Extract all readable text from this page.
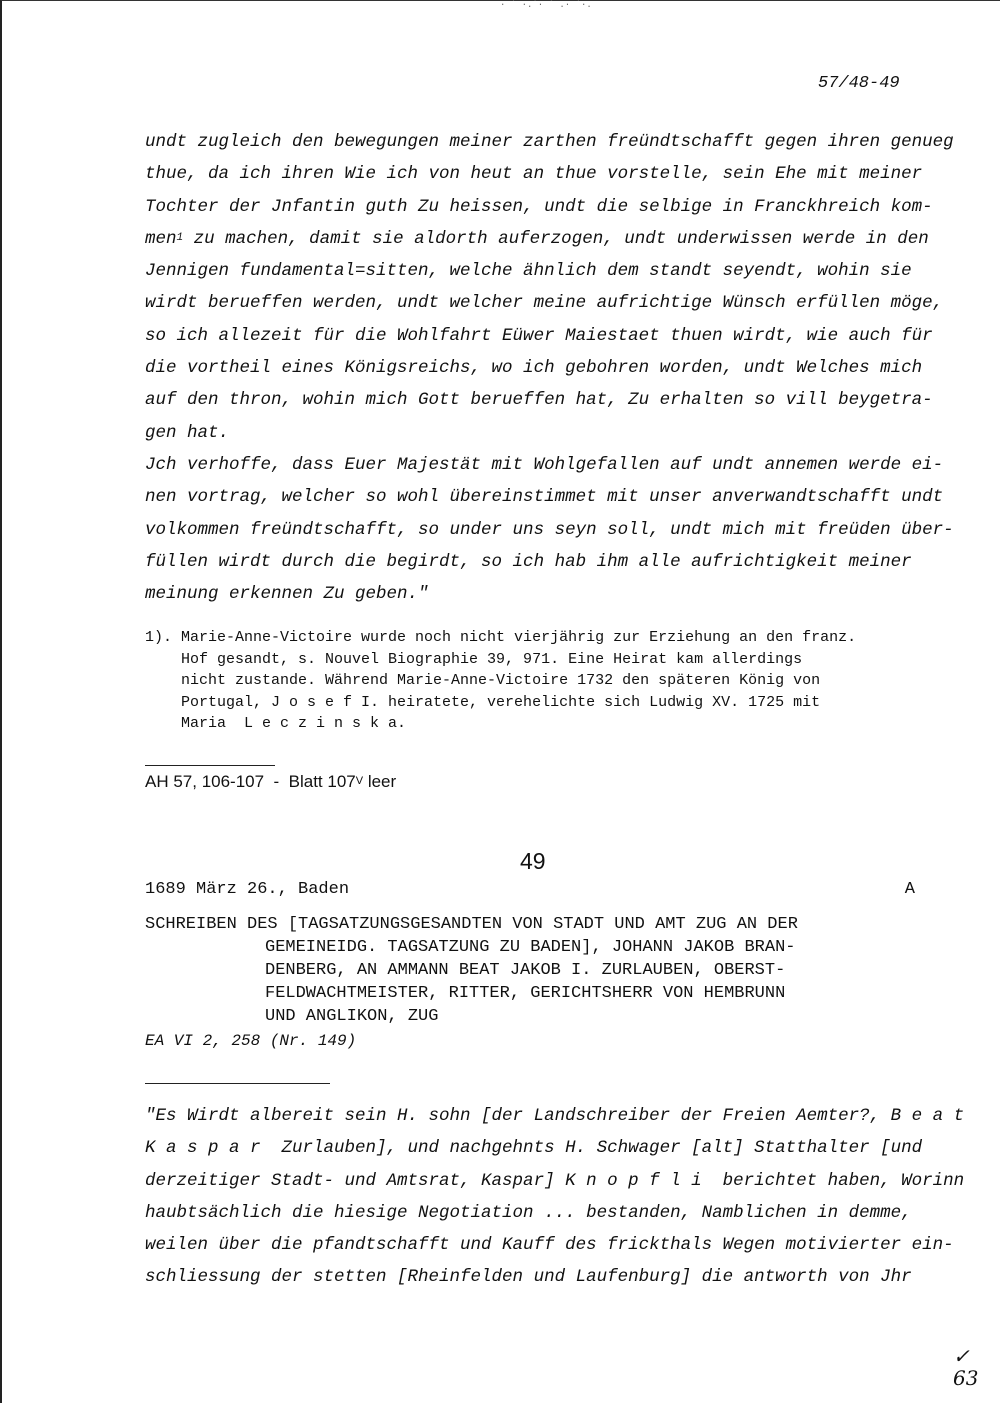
· ˙ ·.˙· ˙ .· ˙·.
57/48-49
undt zugleich den bewegungen meiner zarthen freündtschafft gegen ihren genueg
thue, da ich ihren Wie ich von heut an thue vorstelle, sein Ehe mit meiner
Tochter der Jnfantin guth Zu heissen, undt die selbige in Franckhreich kom-
men$^1$ zu machen, damit sie aldorth auferzogen, undt underwissen werde in den
Jennigen fundamental=sitten, welche ähnlich dem standt seyendt, wohin sie
wirdt berueffen werden, undt welcher meine aufrichtige Wünsch erfüllen möge,
so ich allezeit für die Wohlfahrt Eüwer Maiestaet thuen wirdt, wie auch für
die vortheil eines Königsreichs, wo ich gebohren worden, undt Welches mich
auf den thron, wohin mich Gott berueffen hat, Zu erhalten so vill beygetra-
gen hat.
Jch verhoffe, dass Euer Majestät mit Wohlgefallen auf undt annemen werde ei-
nen vortrag, welcher so wohl übereinstimmet mit unser anverwandtschafft undt
volkommen freündtschafft, so under uns seyn soll, undt mich mit freüden über-
füllen wirdt durch die begirdt, so ich hab ihm alle aufrichtigkeit meiner
meinung erkennen Zu geben."
1). Marie-Anne-Victoire wurde noch nicht vierjährig zur Erziehung an den franz.
Hof gesandt, s. Nouvel Biographie 39, 971. Eine Heirat kam allerdings
nicht zustande. Während Marie-Anne-Victoire 1732 den späteren König von
Portugal, J o s e f I. heiratete, verehelichte sich Ludwig XV. 1725 mit
Maria  L e c z i n s k a.
AH 57, 106-107  -  Blatt $107^V$ leer
49
1689 März 26., Baden	A
SCHREIBEN DES [TAGSATZUNGSGESANDTEN VON STADT UND AMT ZUG AN DER
GEMEINEIDG. TAGSATZUNG ZU BADEN], JOHANN JAKOB BRAN-
DENBERG, AN AMMANN BEAT JAKOB I. ZURLAUBEN, OBERST-
FELDWACHTMEISTER, RITTER, GERICHTSHERR VON HEMBRUNN
UND ANGLIKON, ZUG
EA VI 2, 258 (Nr. 149)
"Es Wirdt albereit sein H. sohn [der Landschreiber der Freien Aemter?, B e a t
K a s p a r  Zurlauben], und nachgehnts H. Schwager [alt] Statthalter [und
derzeitiger Stadt- und Amtsrat, Kaspar] K n o p f l i  berichtet haben, Worinn
haubtsächlich die hiesige Negotiation ... bestanden, Namblichen in demme,
weilen über die pfandtschafft und Kauff des frickthals Wegen motivierter ein-
schliessung der stetten [Rheinfelden und Laufenburg] die antworth von Jhr
✓
63
